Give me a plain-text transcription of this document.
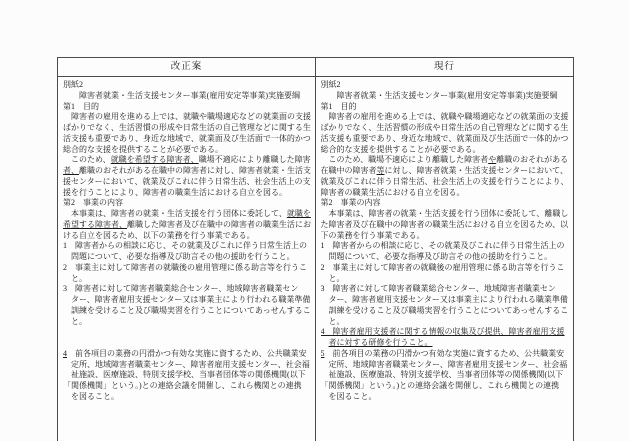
改正案	現行
別紙2
　　障害者就業・生活支援センター事業(雇用安定等事業)実施要綱
第1　目的
　障害者の雇用を進める上では、就職や職場適応などの就業面の支援
ばかりでなく、生活習慣の形成や日常生活の自己管理などに関する生
活支援も重要であり、身近な地域で、就業面及び生活面で一体的かつ
総合的な支援を提供することが必要である。
　このため、就職を希望する障害者、職場不適応により離職した障害
者、離職のおそれがある在職中の障害者に対し、障害者就業・生活支
援センターにおいて、就業及びこれに伴う日常生活、社会生活上の支
援を行うことにより、障害者の職業生活における自立を図る。
第2　事業の内容
　本事業は、障害者の就業・生活支援を行う団体に委託して、就職を
希望する障害者、離職した障害者及び在職中の障害者の職業生活にお
ける自立を図るため、以下の業務を行う事業である。
1　障害者からの相談に応じ、その就業及びこれに伴う日常生活上の
　問題について、必要な指導及び助言その他の援助を行うこと。
2　事業主に対して障害者の就職後の雇用管理に係る助言等を行うこ
　と。
3　障害者に対して障害者職業総合センター、地域障害者職業セン
　ター、障害者雇用支援センター又は事業主により行われる職業準備
　訓練を受けること及び職場実習を行うことについてあっせんするこ
　と。

4　前各項目の業務の円滑かつ有効な実施に資するため、公共職業安
　定所、地域障害者職業センター、障害者雇用支援センター、社会福
　祉施設、医療施設、特別支援学校、当事者団体等の関係機関(以下
「関係機関」という。)との連絡会議を開催し、これら機関との連携
　を図ること。
別紙2
　　障害者就業・生活支援センター事業(雇用安定等事業)実施要綱
第1　目的
　障害者の雇用を進める上では、就職や職場適応などの就業面の支援
ばかりでなく、生活習慣の形成や日常生活の自己管理などに関する生
活支援も重要であり、身近な地域で、就業面及び生活面で一体的かつ
総合的な支援を提供することが必要である。
　このため、職場不適応により離職した障害者や離職のおそれがある
在職中の障害者等に対し、障害者就業・生活支援センターにおいて、
就業及びこれに伴う日常生活、社会生活上の支援を行うことにより、
障害者の職業生活における自立を図る。
第2　事業の内容
　本事業は、障害者の就業・生活支援を行う団体に委託して、離職し
た障害者及び在職中の障害者の職業生活における自立を図るため、以
下の業務を行う事業である。
1　障害者からの相談に応じ、その就業及びこれに伴う日常生活上の
　問題について、必要な指導及び助言その他の援助を行うこと。
2　事業主に対して障害者の就職後の雇用管理に係る助言等を行うこ
　と。
3　障害者に対して障害者職業総合センター、地域障害者職業セン
　ター、障害者雇用支援センター又は事業主により行われる職業準備
　訓練を受けること及び職場実習を行うことについてあっせんするこ
　と。
4　障害者雇用支援者に関する情報の収集及び提供、障害者雇用支援
　者に対する研修を行うこと。
5　前各項目の業務の円滑かつ有効な実施に資するため、公共職業安
　定所、地域障害者職業センター、障害者雇用支援センター、社会福
　祉施設、医療施設、特別支援学校、当事者団体等の関係機関(以下
「関係機関」という。)との連絡会議を開催し、これら機関との連携
　を図ること。
